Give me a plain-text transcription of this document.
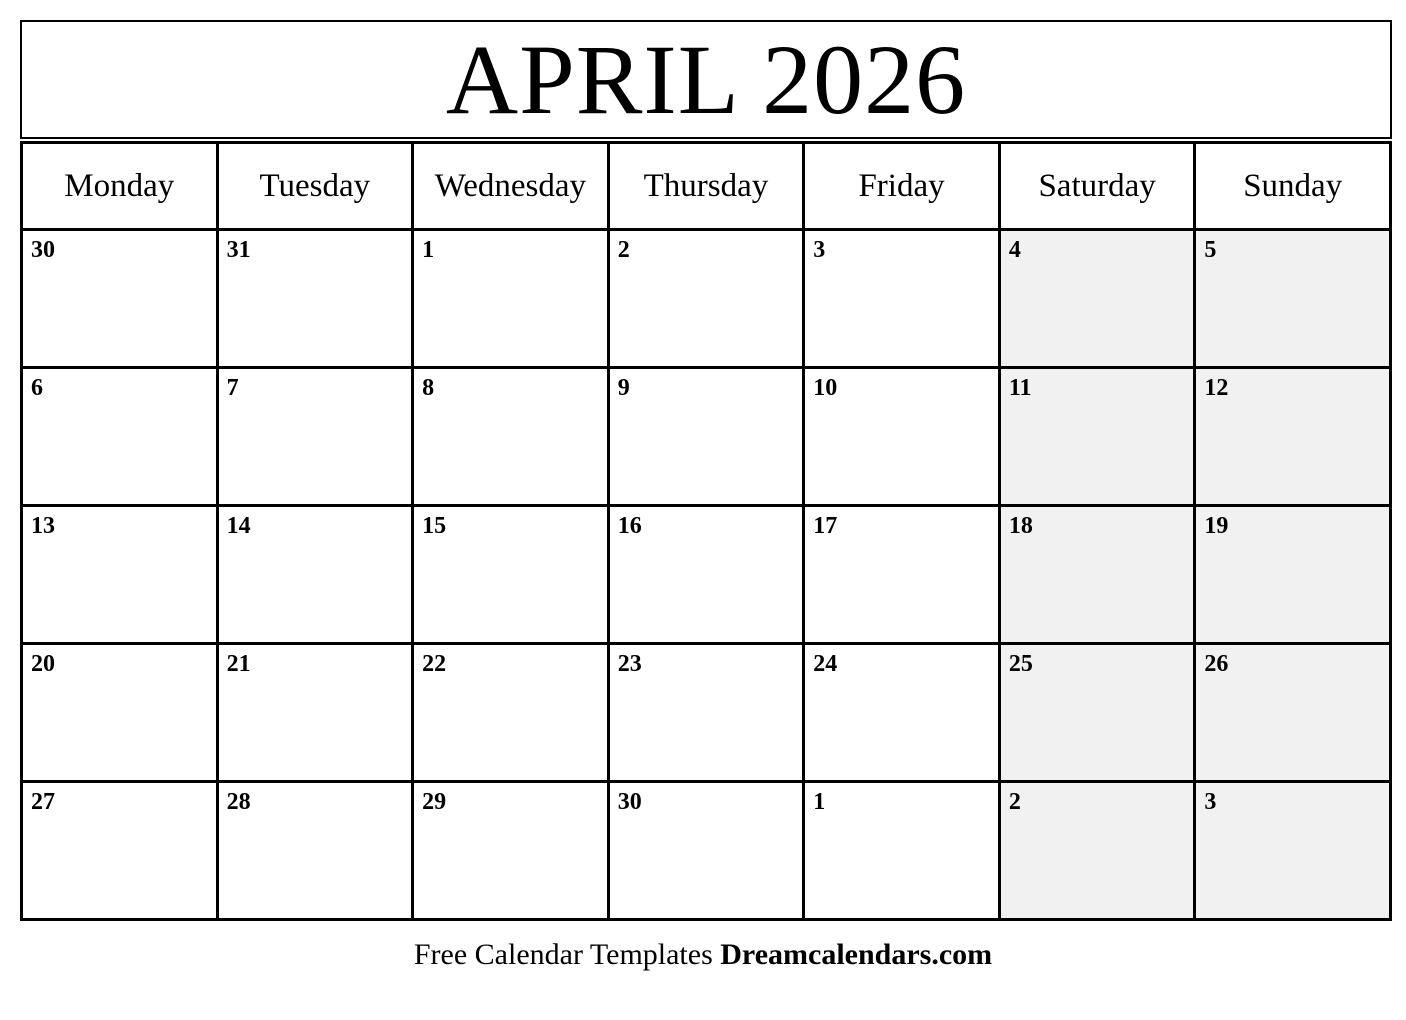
APRIL 2026
Monday	Tuesday	Wednesday	Thursday	Friday	Saturday	Sunday
30	31	1	2	3	4	5
6	7	8	9	10	11	12
13	14	15	16	17	18	19
20	21	22	23	24	25	26
27	28	29	30	1	2	3
Free Calendar Templates Dreamcalendars.com
